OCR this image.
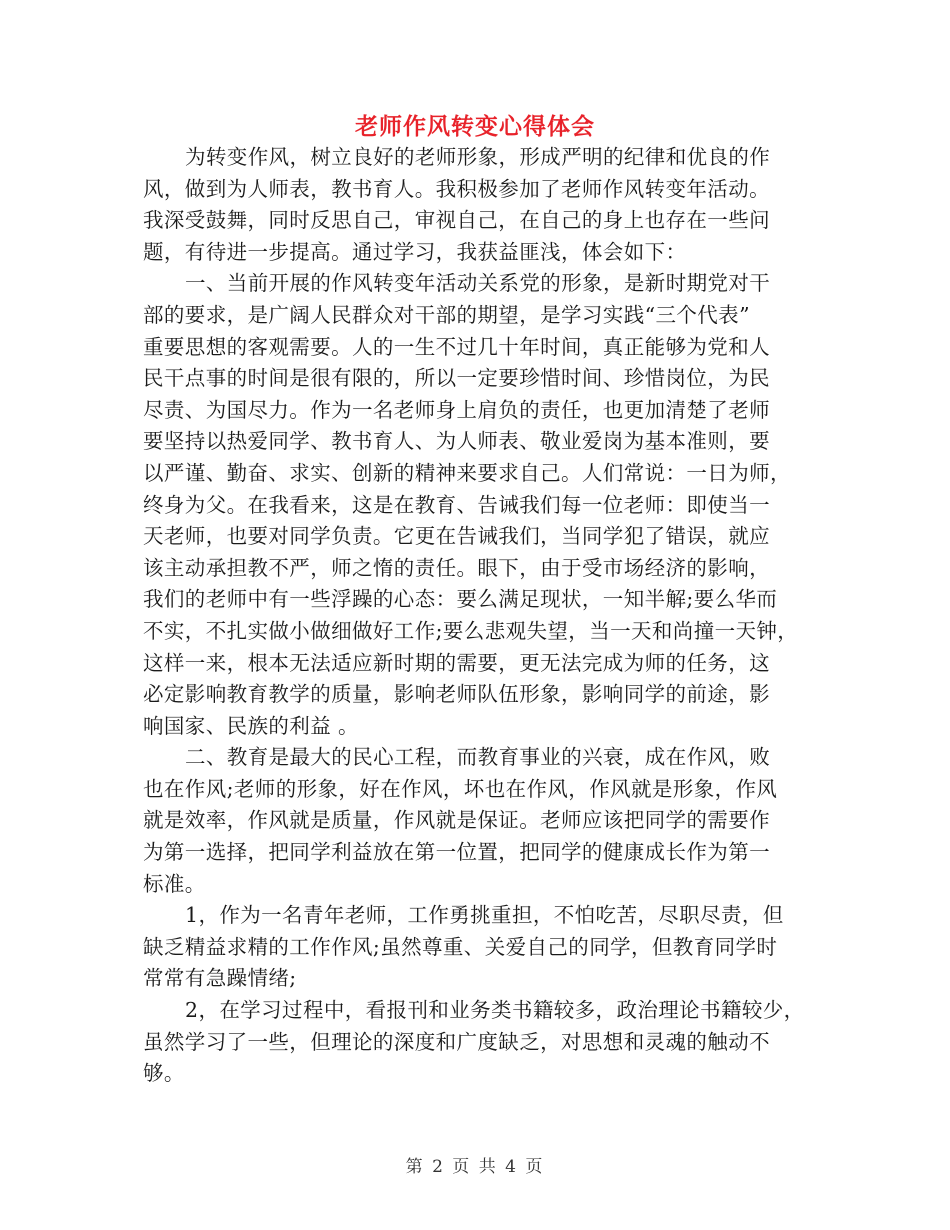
老师作风转变心得体会
为转变作风，树立良好的老师形象，形成严明的纪律和优良的作
风，做到为人师表，教书育人。我积极参加了老师作风转变年活动。
我深受鼓舞，同时反思自己，审视自己，在自己的身上也存在一些问
题，有待进一步提高。通过学习，我获益匪浅，体会如下：
一、当前开展的作风转变年活动关系党的形象，是新时期党对干
部的要求，是广阔人民群众对干部的期望，是学习实践“三个代表”
重要思想的客观需要。人的一生不过几十年时间，真正能够为党和人
民干点事的时间是很有限的，所以一定要珍惜时间、珍惜岗位，为民
尽责、为国尽力。作为一名老师身上肩负的责任，也更加清楚了老师
要坚持以热爱同学、教书育人、为人师表、敬业爱岗为基本准则，要
以严谨、勤奋、求实、创新的精神来要求自己。人们常说：一日为师，
终身为父。在我看来，这是在教育、告诫我们每一位老师：即使当一
天老师，也要对同学负责。它更在告诫我们，当同学犯了错误，就应
该主动承担教不严，师之惰的责任。眼下，由于受市场经济的影响，
我们的老师中有一些浮躁的心态：要么满足现状，一知半解;要么华而
不实，不扎实做小做细做好工作;要么悲观失望，当一天和尚撞一天钟，
这样一来，根本无法适应新时期的需要，更无法完成为师的任务，这
必定影响教育教学的质量，影响老师队伍形象，影响同学的前途，影
响国家、民族的利益 。
二、教育是最大的民心工程，而教育事业的兴衰，成在作风，败
也在作风;老师的形象，好在作风，坏也在作风，作风就是形象，作风
就是效率，作风就是质量，作风就是保证。老师应该把同学的需要作
为第一选择，把同学利益放在第一位置，把同学的健康成长作为第一
标准。
1，作为一名青年老师，工作勇挑重担，不怕吃苦，尽职尽责，但
缺乏精益求精的工作作风;虽然尊重、关爱自己的同学，但教育同学时
常常有急躁情绪;
2，在学习过程中，看报刊和业务类书籍较多，政治理论书籍较少，
虽然学习了一些，但理论的深度和广度缺乏，对思想和灵魂的触动不
够。
第 2 页 共 4 页
